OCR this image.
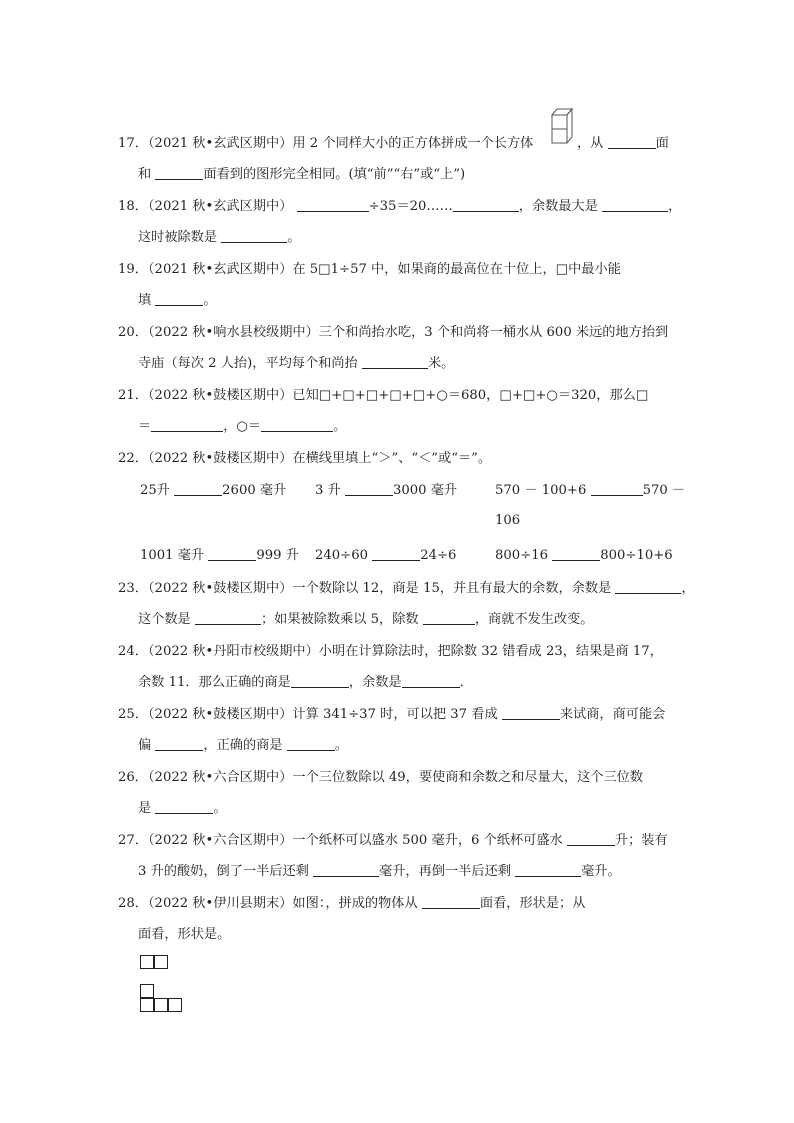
17．（2021 秋•玄武区期中）用 2 个同样大小的正方体拼成一个长方体	，从	面
和	面看到的图形完全相同。(填“前”“右”或“上”)
18．（2021 秋•玄武区期中）	÷35＝20……	，余数最大是	，
这时被除数是	。
19．（2021 秋•玄武区期中）在 5□1÷57 中，如果商的最高位在十位上，□中最小能
填	。
20．（2022 秋•响水县校级期中）三个和尚抬水吃，3 个和尚将一桶水从 600 米远的地方抬到
寺庙（每次 2 人抬)，平均每个和尚抬	米。
21．（2022 秋•鼓楼区期中）已知□+□+□+□+□+○＝680，□+□+○＝320，那么□
＝	，○＝	。
22．（2022 秋•鼓楼区期中）在横线里填上“＞”、“＜”或“＝”。
25升	2600 毫升 3 升	3000 毫升	570 － 100+6	570 －
106
1001 毫升	999 升 240÷60	24÷6	800÷16	800÷10+6
23．（2022 秋•鼓楼区期中）一个数除以 12，商是 15，并且有最大的余数，余数是	，
这个数是	；如果被除数乘以 5，除数	，商就不发生改变。
24．（2022 秋•丹阳市校级期中）小明在计算除法时，把除数 32 错看成 23，结果是商 17，
余数 11．那么正确的商是	，余数是	．
25．（2022 秋•鼓楼区期中）计算 341÷37 时，可以把 37 看成	来试商，商可能会
偏	，正确的商是	。
26．（2022 秋•六合区期中）一个三位数除以 49，要使商和余数之和尽量大，这个三位数
是	。
27．（2022 秋•六合区期中）一个纸杯可以盛水 500 毫升，6 个纸杯可盛水	升；装有
3 升的酸奶，倒了一半后还剩	毫升，再倒一半后还剩	毫升。
28．（2022 秋•伊川县期末）如图：，拼成的物体从	面看，形状是；从
面看，形状是。
